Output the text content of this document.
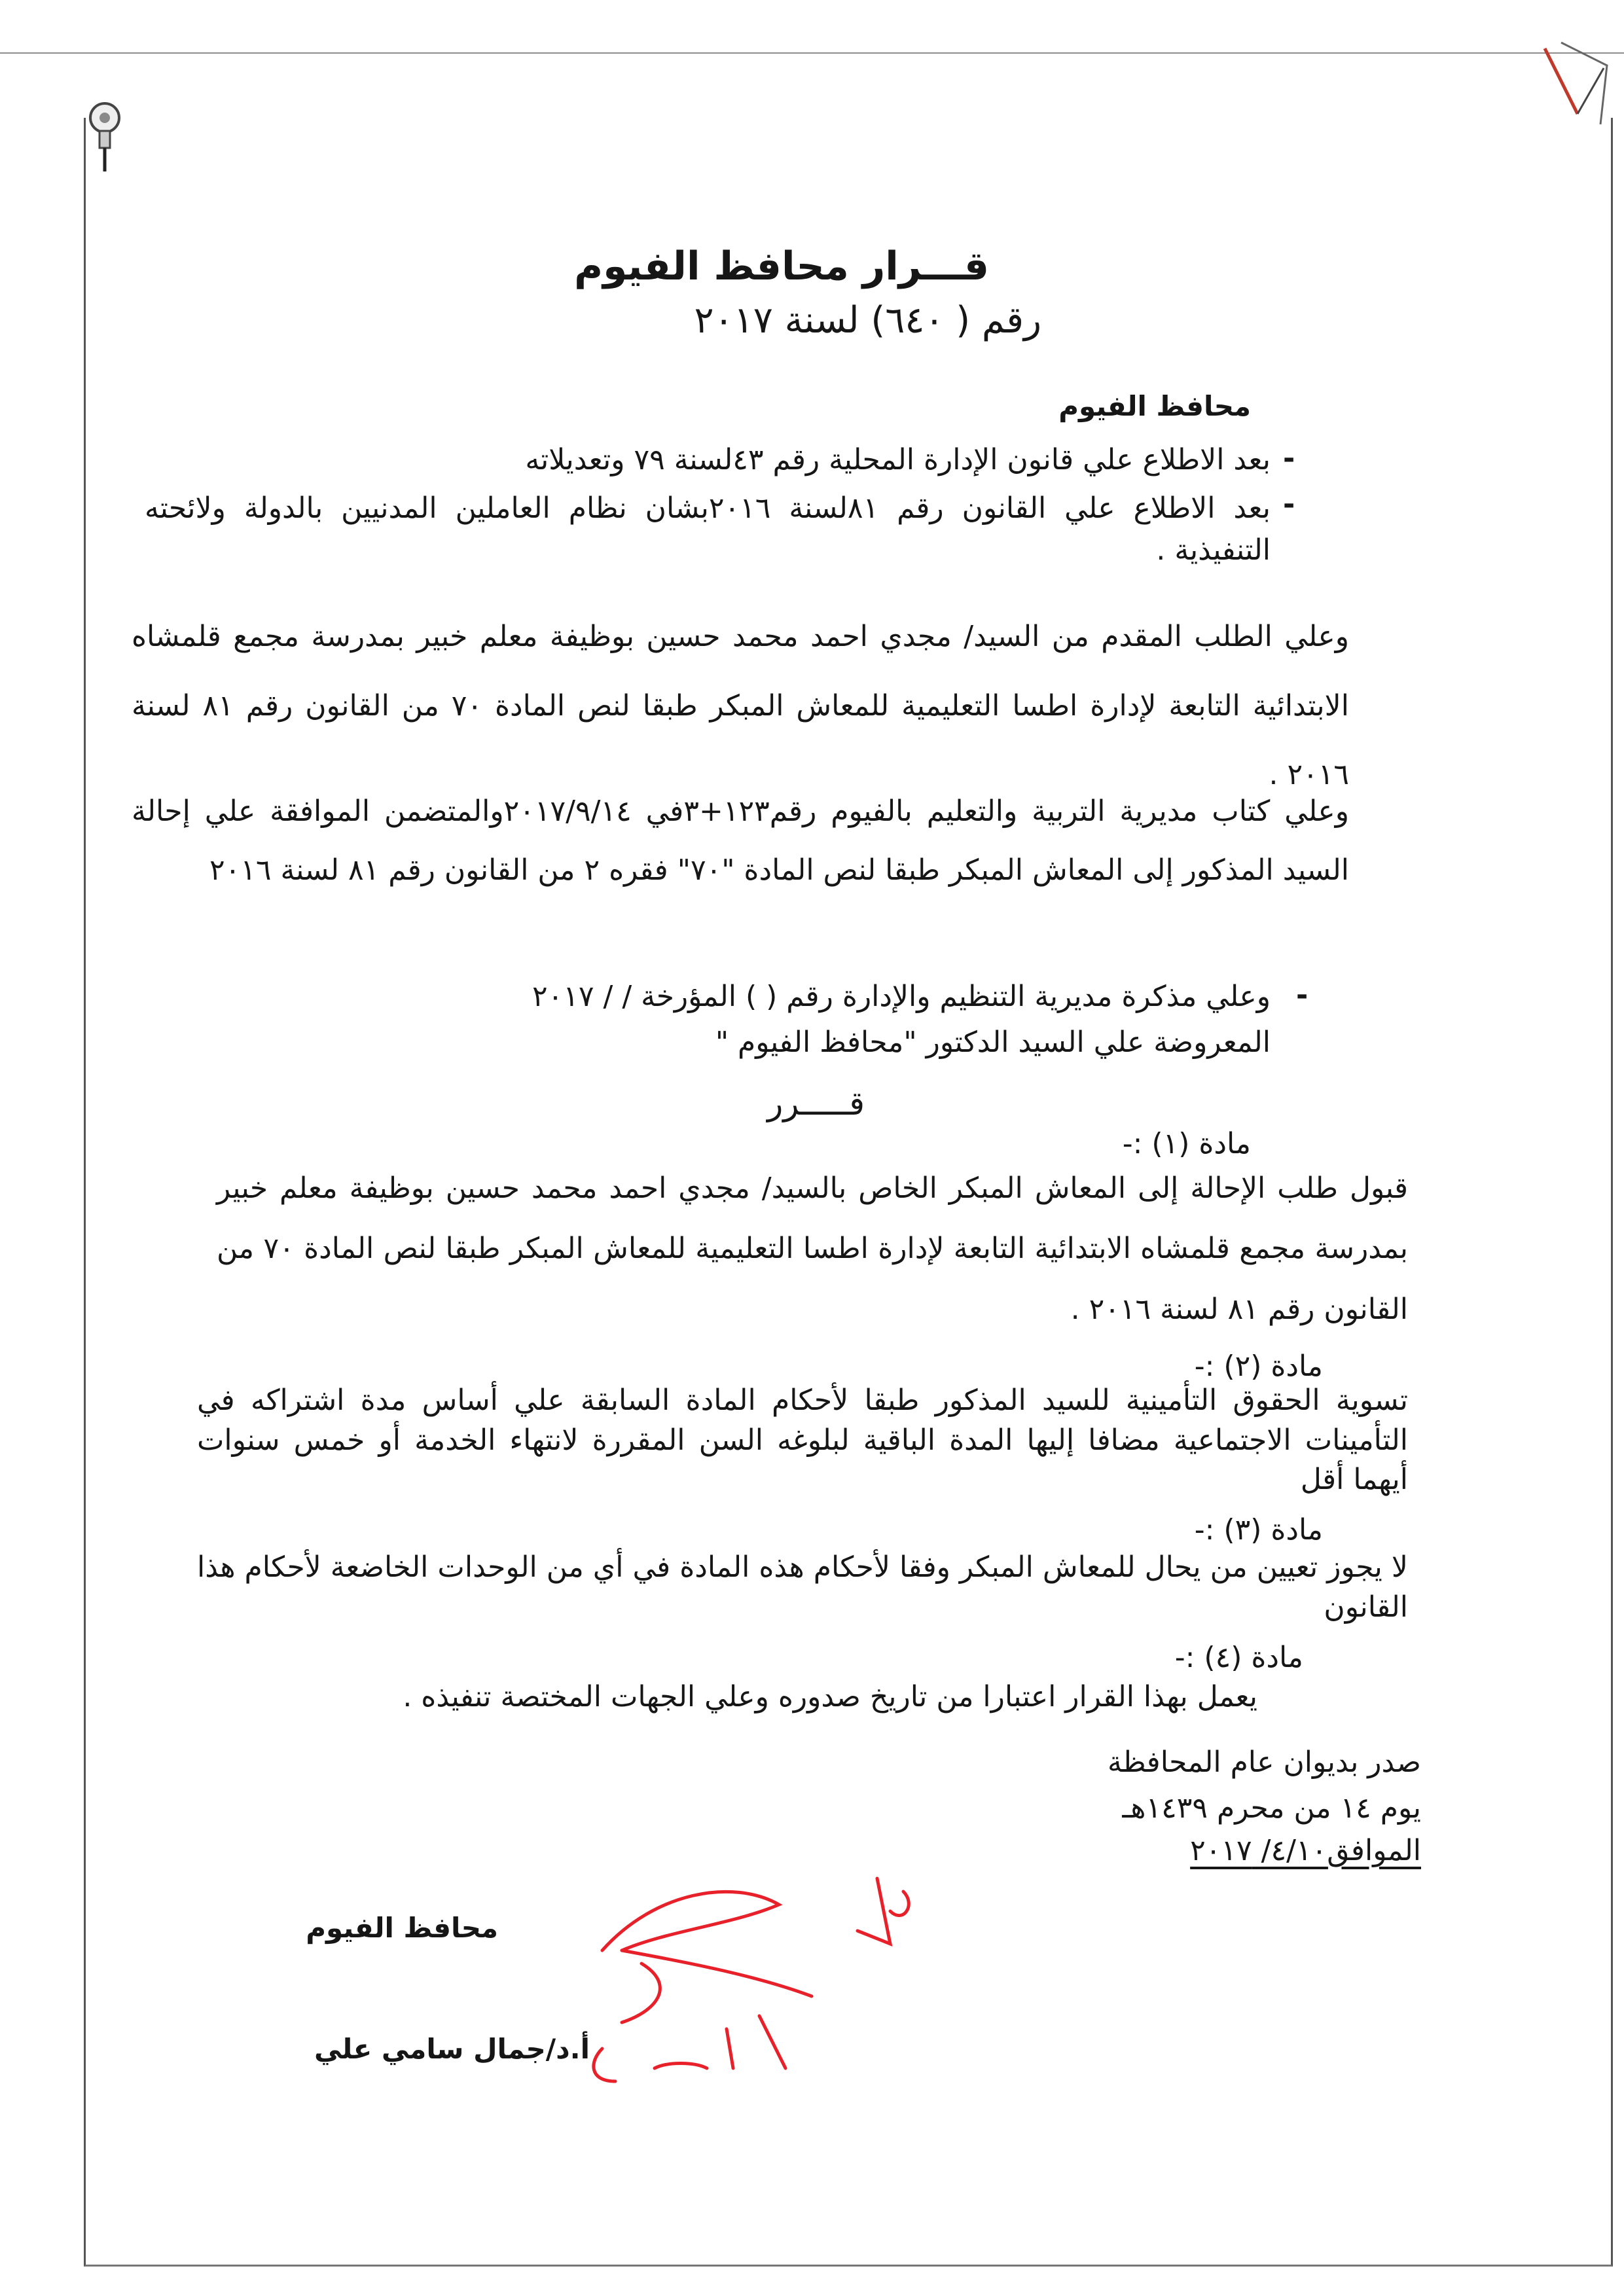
قـــرار محافظ الفيوم
رقم ( ٦٤٠) لسنة ٢٠١٧
محافظ الفيوم
-
بعد الاطلاع علي قانون الإدارة المحلية رقم ٤٣لسنة ٧٩ وتعديلاته
-
بعد الاطلاع علي القانون رقم ٨١لسنة ٢٠١٦بشان نظام العاملين المدنيين بالدولة ولائحته التنفيذية .
وعلي الطلب المقدم من السيد/ مجدي احمد محمد حسين بوظيفة معلم خبير بمدرسة مجمع قلمشاه الابتدائية التابعة لإدارة اطسا التعليمية للمعاش المبكر طبقا لنص المادة ٧٠ من القانون رقم ٨١ لسنة ٢٠١٦ .
وعلي كتاب مديرية التربية والتعليم بالفيوم رقم١٢٣+٣في ٢٠١٧/٩/١٤والمتضمن الموافقة علي إحالة السيد المذكور إلى المعاش المبكر طبقا لنص المادة "٧٠" فقره ٢ من القانون رقم ٨١ لسنة ٢٠١٦
-
وعلي مذكرة مديرية التنظيم والإدارة رقم ( ) المؤرخة / / ٢٠١٧
المعروضة علي السيد الدكتور "محافظ الفيوم "
قـــــرر
مادة (١) :-
قبول طلب الإحالة إلى المعاش المبكر الخاص بالسيد/ مجدي احمد محمد حسين بوظيفة معلم خبير بمدرسة مجمع قلمشاه الابتدائية التابعة لإدارة اطسا التعليمية للمعاش المبكر طبقا لنص المادة ٧٠ من القانون رقم ٨١ لسنة ٢٠١٦ .
مادة (٢) :-
تسوية الحقوق التأمينية للسيد المذكور طبقا لأحكام المادة السابقة علي أساس مدة اشتراكه في التأمينات الاجتماعية مضافا إليها المدة الباقية لبلوغه السن المقررة لانتهاء الخدمة أو خمس سنوات أيهما أقل
مادة (٣) :-
لا يجوز تعيين من يحال للمعاش المبكر وفقا لأحكام هذه المادة في أي من الوحدات الخاضعة لأحكام هذا القانون
مادة (٤) :-
يعمل بهذا القرار اعتبارا من تاريخ صدوره وعلي الجهات المختصة تنفيذه .
صدر بديوان عام المحافظة
يوم ١٤ من محرم ١٤٣٩هـ
الموافق٤/١٠/ ٢٠١٧
محافظ الفيوم
أ.د/جمال سامي علي
